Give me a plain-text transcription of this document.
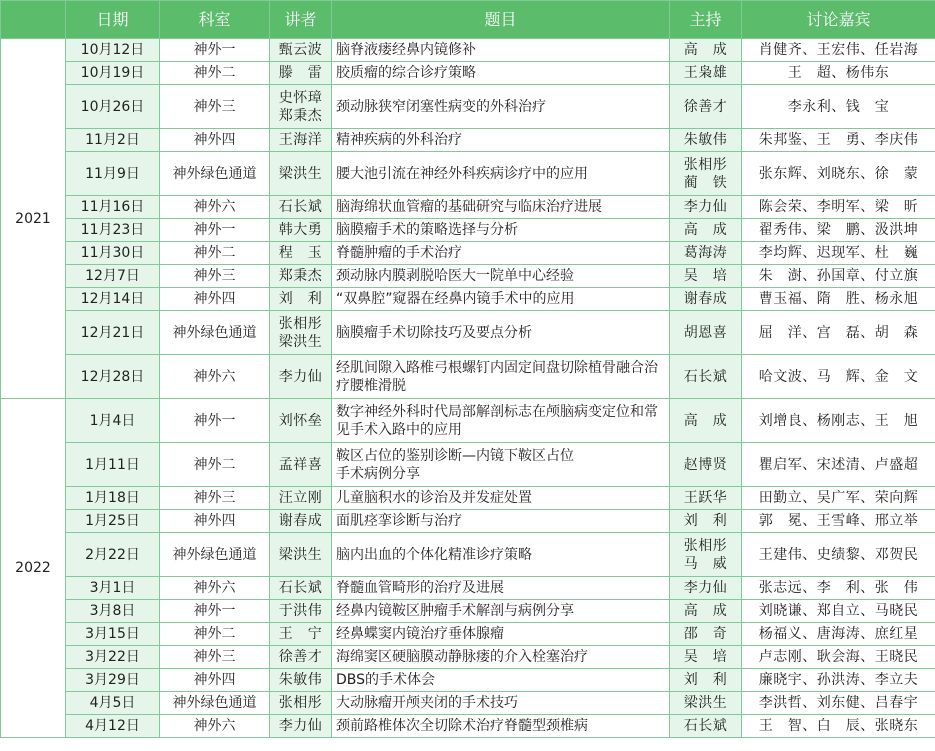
	日期	科室	讲者	题目	主持	讨论嘉宾
2021	10月12日	神外一	甄云波	脑脊液瘘经鼻内镜修补	高　成	肖健齐、王宏伟、任岩海

	10月19日	神外二	滕　雷	胶质瘤的综合诊疗策略	王枭雄	王　超、杨伟东

	10月26日	神外三	史怀璋
郑秉杰	颈动脉狭窄闭塞性病变的外科治疗	徐善才	李永利、钱　宝

	11月2日	神外四	王海洋	精神疾病的外科治疗	朱敏伟	朱邦鉴、王　勇、李庆伟

	11月9日	神外绿色通道	梁洪生	腰大池引流在神经外科疾病诊疗中的应用	张相彤
蔺　铁	张东辉、刘晓东、徐　蒙

	11月16日	神外六	石长斌	脑海绵状血管瘤的基础研究与临床治疗进展	李力仙	陈会荣、李明军、梁　昕

	11月23日	神外一	韩大勇	脑膜瘤手术的策略选择与分析	高　成	翟秀伟、梁　鹏、汲洪坤

	11月30日	神外二	程　玉	脊髓肿瘤的手术治疗	葛海涛	李均辉、迟现军、杜　巍

	12月7日	神外三	郑秉杰	颈动脉内膜剥脱哈医大一院单中心经验	吴　培	朱　澍、孙国章、付立旗

	12月14日	神外四	刘　利	“双鼻腔”窥器在经鼻内镜手术中的应用	谢春成	曹玉福、隋　胜、杨永旭

	12月21日	神外绿色通道	张相彤
梁洪生	脑膜瘤手术切除技巧及要点分析	胡恩喜	屈　洋、宫　磊、胡　森

	12月28日	神外六	李力仙	经肌间隙入路椎弓根螺钉内固定间盘切除植骨融合治疗腰椎滑脱	石长斌	哈文波、马　辉、金　文

2022	1月4日	神外一	刘怀垒	数字神经外科时代局部解剖标志在颅脑病变定位和常见手术入路中的应用	高　成	刘增良、杨刚志、王　旭

	1月11日	神外二	孟祥喜	鞍区占位的鉴别诊断—内镜下鞍区占位
手术病例分享	赵博贤	瞿启军、宋述清、卢盛超

	1月18日	神外三	汪立刚	儿童脑积水的诊治及并发症处置	王跃华	田勤立、吴广军、荣向辉

	1月25日	神外四	谢春成	面肌痉挛诊断与治疗	刘　利	郭　冕、王雪峰、邢立举

	2月22日	神外绿色通道	梁洪生	脑内出血的个体化精准诊疗策略	张相彤
马　威	王建伟、史绩黎、邓贺民

	3月1日	神外六	石长斌	脊髓血管畸形的治疗及进展	李力仙	张志远、李　利、张　伟

	3月8日	神外一	于洪伟	经鼻内镜鞍区肿瘤手术解剖与病例分享	高　成	刘晓谦、郑自立、马晓民

	3月15日	神外二	王　宁	经鼻蝶窦内镜治疗垂体腺瘤	邵　奇	杨福义、唐海涛、庶红星

	3月22日	神外三	徐善才	海绵窦区硬脑膜动静脉瘘的介入栓塞治疗	吴　培	卢志刚、耿会海、王晓民

	3月29日	神外四	朱敏伟	DBS的手术体会	刘　利	廉晓宇、孙洪涛、李立夫

	4月5日	神外绿色通道	张相彤	大动脉瘤开颅夹闭的手术技巧	梁洪生	李洪哲、刘东健、吕春宇

	4月12日	神外六	李力仙	颈前路椎体次全切除术治疗脊髓型颈椎病	石长斌	王　智、白　辰、张晓东
